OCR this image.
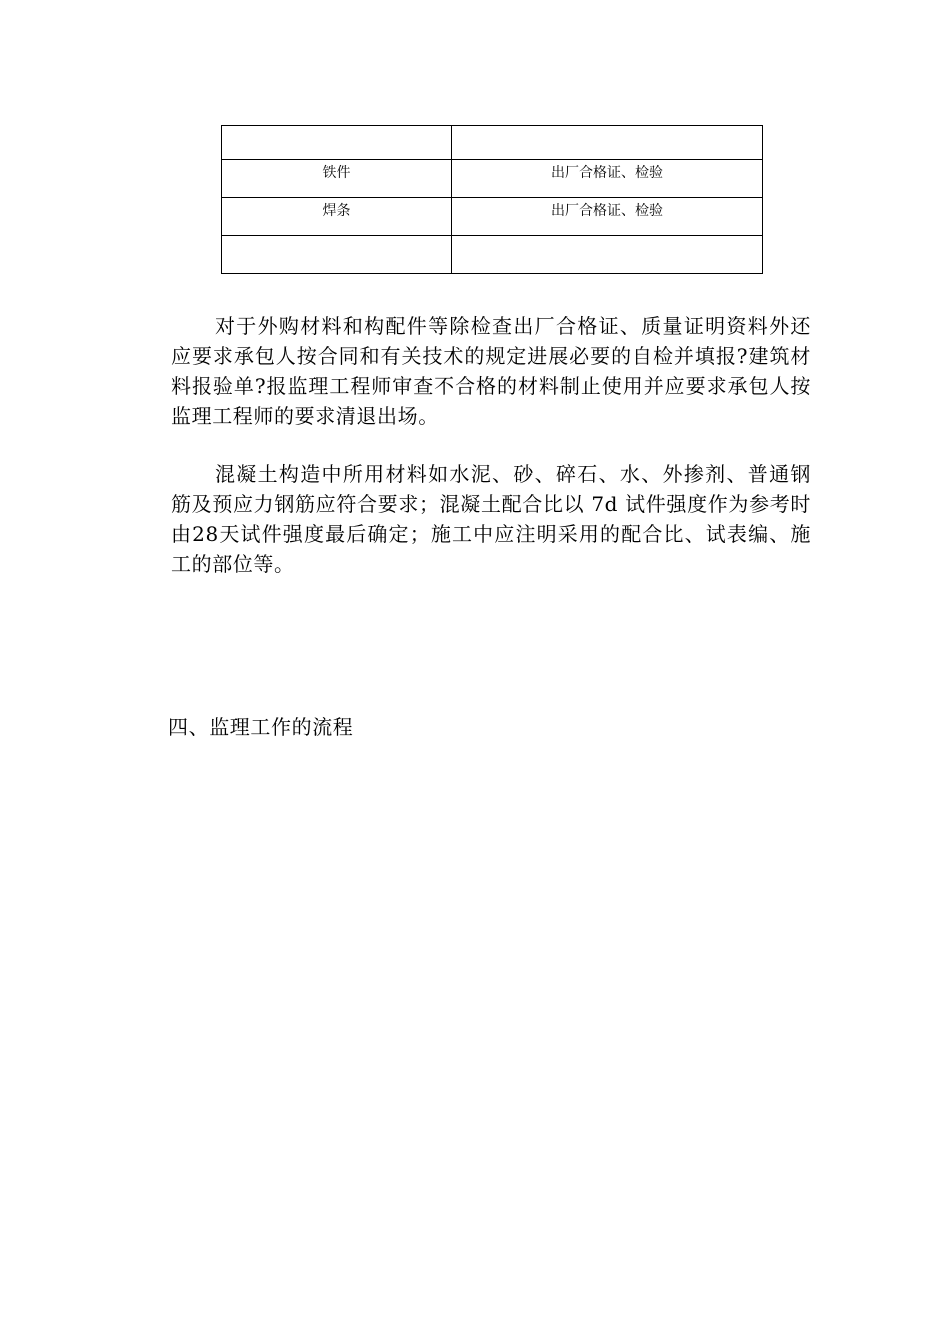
铁件	出厂合格证、检验
焊条	出厂合格证、检验

对于外购材料和构配件等除检查出厂合格证、质量证明资料外还应要求承包人按合同和有关技术的规定进展必要的自检并填报?建筑材料报验单?报监理工程师审查不合格的材料制止使用并应要求承包人按监理工程师的要求清退出场。

混凝土构造中所用材料如水泥、砂、碎石、水、外掺剂、普通钢筋及预应力钢筋应符合要求；混凝土配合比以 7d 试件强度作为参考时由28天试件强度最后确定；施工中应注明采用的配合比、试表编、施工的部位等。

四、监理工作的流程
